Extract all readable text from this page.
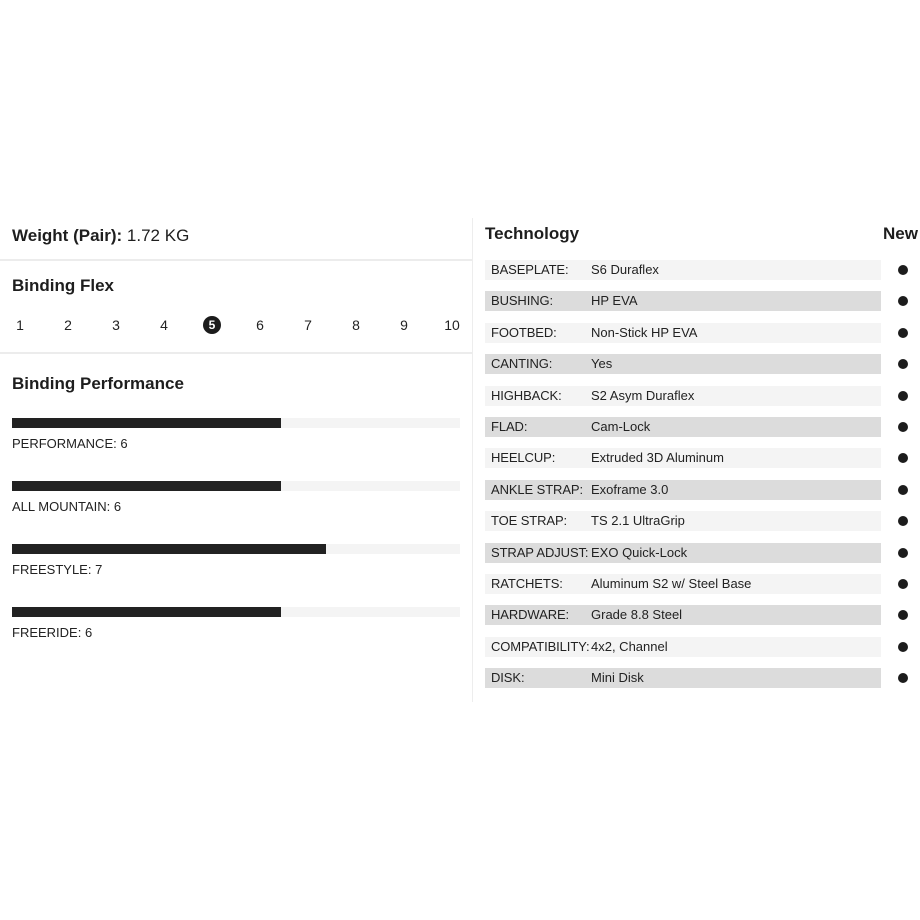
Weight (Pair): 1.72 KG
Binding Flex
1	2	3	4	5	6	7	8	9	10
Binding Performance
PERFORMANCE: 6
ALL MOUNTAIN: 6
FREESTYLE: 7
FREERIDE: 6
Technology	New
BASEPLATE: S6 Duraflex
BUSHING:	HP EVA
FOOTBED:	Non-Stick HP EVA
CANTING:	Yes
HIGHBACK: S2 Asym Duraflex
FLAD:	Cam-Lock
HEELCUP:	Extruded 3D Aluminum
ANKLE STRAP: Exoframe 3.0
TOE STRAP: TS 2.1 UltraGrip
STRAP ADJUST: EXO Quick-Lock
RATCHETS: Aluminum S2 w/ Steel Base
HARDWARE: Grade 8.8 Steel
COMPATIBILITY: 4x2, Channel
DISK:	Mini Disk
